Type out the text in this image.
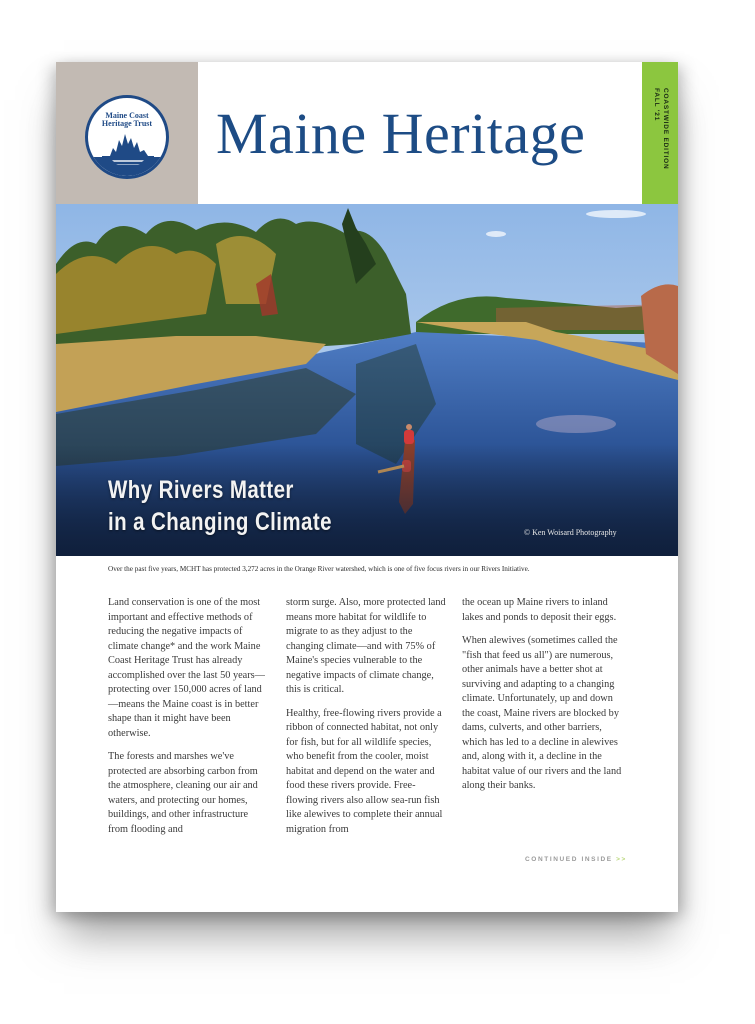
Maine Coast
Heritage Trust Maine Heritage	COASTWIDE EDITION
FALL '21
Why Rivers Matter
in a Changing Climate	© Ken Woisard Photography
Over the past five years, MCHT has protected 3,272 acres in the Orange River watershed, which is one of five focus rivers in our Rivers Initiative.

Land conservation is one of the most important and effective methods of reducing the negative impacts of climate change* and the work Maine Coast Heritage Trust has already accomplished over the last 50 years—protecting over 150,000 acres of land—means the Maine coast is in better shape than it might have been otherwise.

The forests and marshes we've protected are absorbing carbon from the atmosphere, cleaning our air and waters, and protecting our homes, buildings, and other infrastructure from flooding and

storm surge. Also, more protected land means more habitat for wildlife to migrate to as they adjust to the changing climate—and with 75% of Maine's species vulnerable to the negative impacts of climate change, this is critical.

Healthy, free-flowing rivers provide a ribbon of connected habitat, not only for fish, but for all wildlife species, who benefit from the cooler, moist habitat and depend on the water and food these rivers provide. Free-flowing rivers also allow sea-run fish like alewives to complete their annual migration from

the ocean up Maine rivers to inland lakes and ponds to deposit their eggs.

When alewives (sometimes called the "fish that feed us all") are numerous, other animals have a better shot at surviving and adapting to a changing climate. Unfortunately, up and down the coast, Maine rivers are blocked by dams, culverts, and other barriers, which has led to a decline in alewives and, along with it, a decline in the habitat value of our rivers and the land along their banks.

CONTINUED INSIDE >>
